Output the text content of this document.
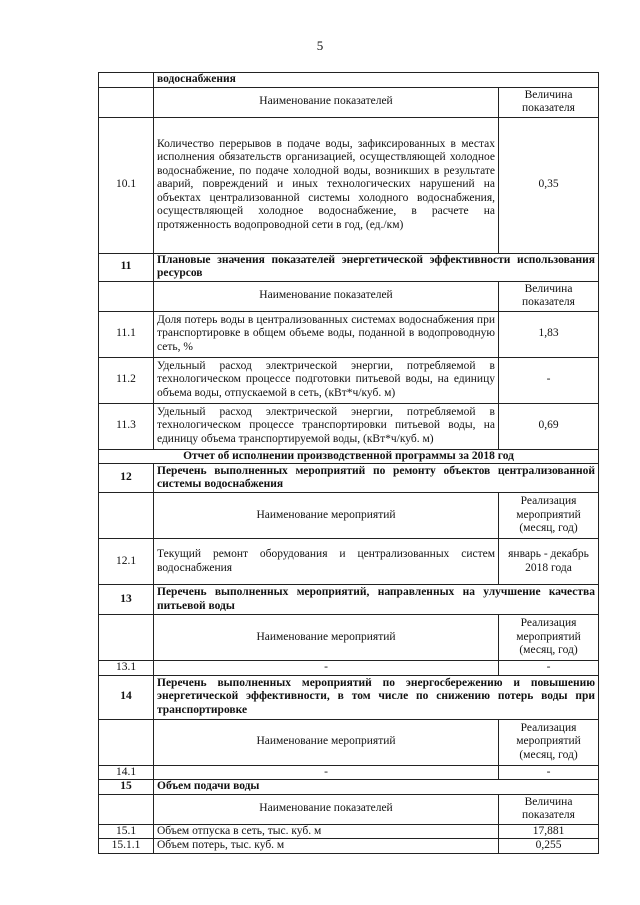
5
	водоснабжения	
	Наименование показателей	Величина показателя
10.1	Количество перерывов в подаче воды, зафиксированных в местах исполнения обязательств организацией, осуществляющей холодное водоснабжение, по подаче холодной воды, возникших в результате аварий, повреждений и иных технологических нарушений на объектах централизованной системы холодного водоснабжения, осуществляющей холодное водоснабжение, в расчете на протяженность водопроводной сети в год, (ед./км)	0,35
11	Плановые значения показателей энергетической эффективности использования ресурсов	
	Наименование показателей	Величина показателя
11.1	Доля потерь воды в централизованных системах водоснабжения при транспортировке в общем объеме воды, поданной в водопроводную сеть, %	1,83
11.2	Удельный расход электрической энергии, потребляемой в технологическом процессе подготовки питьевой воды, на единицу объема воды, отпускаемой в сеть, (кВт*ч/куб. м)	-
11.3	Удельный расход электрической энергии, потребляемой в технологическом процессе транспортировки питьевой воды, на единицу объема транспортируемой воды, (кВт*ч/куб. м)	0,69
Отчет об исполнении производственной программы за 2018 год		
12	Перечень выполненных мероприятий по ремонту объектов централизованной системы водоснабжения	
	Наименование мероприятий	Реализация мероприятий (месяц, год)
12.1	Текущий ремонт оборудования и централизованных систем водоснабжения	январь - декабрь 2018 года
13	Перечень выполненных мероприятий, направленных на улучшение качества питьевой воды	
	Наименование мероприятий	Реализация мероприятий (месяц, год)
13.1	-	-
14	Перечень выполненных мероприятий по энергосбережению и повышению энергетической эффективности, в том числе по снижению потерь воды при транспортировке	
	Наименование мероприятий	Реализация мероприятий (месяц, год)
14.1	-	-
15	Объем подачи воды	
	Наименование показателей	Величина показателя
15.1	Объем отпуска в сеть, тыс. куб. м	17,881
15.1.1	Объем потерь, тыс. куб. м	0,255
